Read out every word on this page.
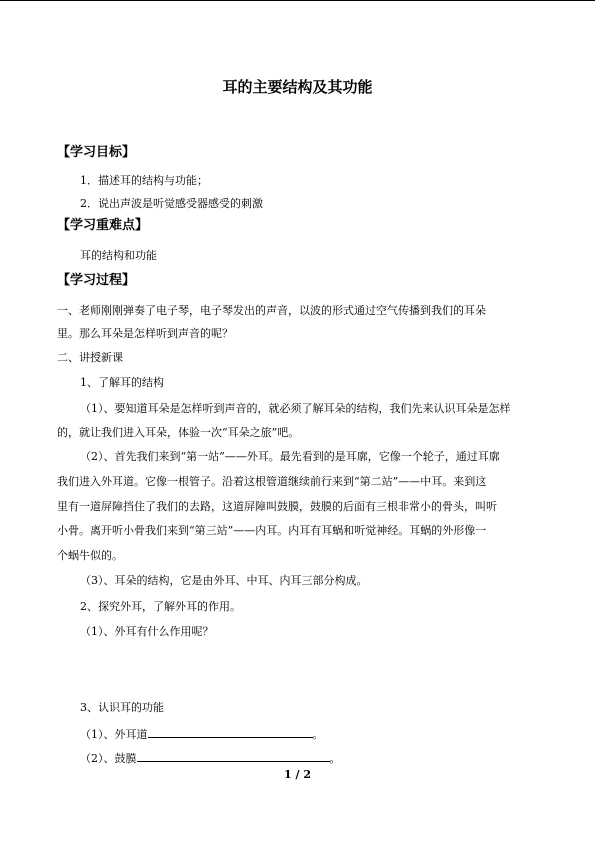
耳的主要结构及其功能
【学习目标】
1．描述耳的结构与功能；
2．说出声波是听觉感受器感受的刺激
【学习重难点】
耳的结构和功能
【学习过程】
一、老师刚刚弹奏了电子琴，电子琴发出的声音，以波的形式通过空气传播到我们的耳朵
里。那么耳朵是怎样听到声音的呢？
二、讲授新课
1、了解耳的结构
（1）、要知道耳朵是怎样听到声音的，就必须了解耳朵的结构，我们先来认识耳朵是怎样
的，就让我们进入耳朵，体验一次“耳朵之旅”吧。
（2）、首先我们来到“第一站”——外耳。最先看到的是耳廓，它像一个轮子，通过耳廓
我们进入外耳道。它像一根管子。沿着这根管道继续前行来到“第二站”——中耳。来到这
里有一道屏障挡住了我们的去路，这道屏障叫鼓膜，鼓膜的后面有三根非常小的骨头，叫听
小骨。离开听小骨我们来到“第三站”——内耳。内耳有耳蜗和听觉神经。耳蜗的外形像一
个蜗牛似的。
（3）、耳朵的结构，它是由外耳、中耳、内耳三部分构成。
2、探究外耳，了解外耳的作用。
（1）、外耳有什么作用呢？
3、认识耳的功能
（1）、外耳道	。
（2）、鼓膜	。
1 / 2
